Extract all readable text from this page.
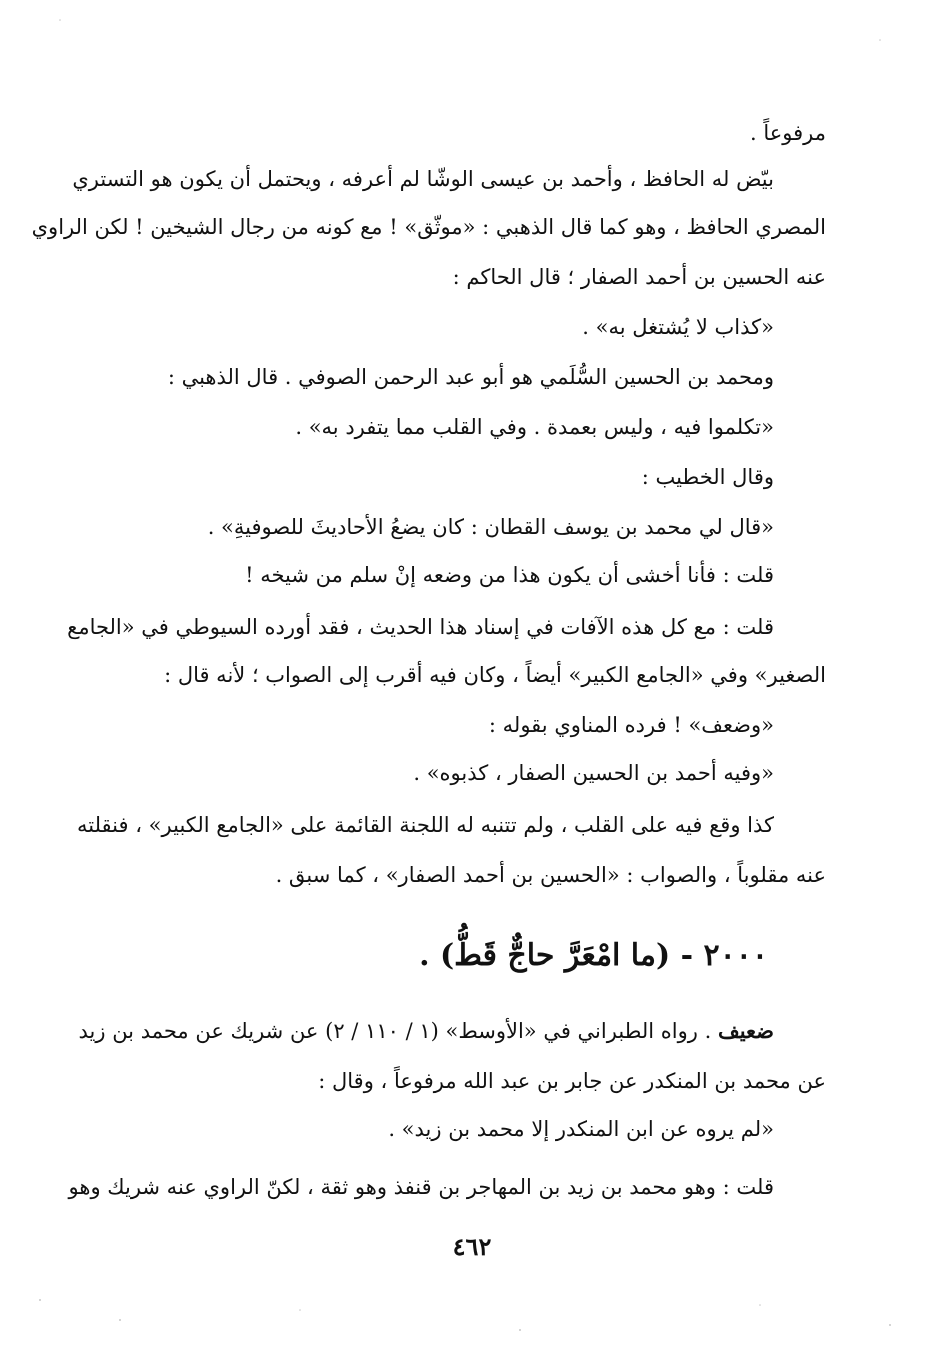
مرفوعاً .
بيّض له الحافظ ، وأحمد بن عيسى الوشّا لم أعرفه ، ويحتمل أن يكون هو التستري
المصري الحافظ ، وهو كما قال الذهبي : «موثّق» ! مع كونه من رجال الشيخين ! لكن الراوي
عنه الحسين بن أحمد الصفار ؛ قال الحاكم :
«كذاب لا يُشتغل به» .
ومحمد بن الحسين السُّلَمي هو أبو عبد الرحمن الصوفي . قال الذهبي :
«تكلموا فيه ، وليس بعمدة . وفي القلب مما يتفرد به» .
وقال الخطيب :
«قال لي محمد بن يوسف القطان : كان يضعُ الأحاديثَ للصوفيةِ» .
قلت : فأنا أخشى أن يكون هذا من وضعه إنْ سلم من شيخه !
قلت : مع كل هذه الآفات في إسناد هذا الحديث ، فقد أورده السيوطي في «الجامع
الصغير» وفي «الجامع الكبير» أيضاً ، وكان فيه أقرب إلى الصواب ؛ لأنه قال :
«وضعف» ! فرده المناوي بقوله :
«وفيه أحمد بن الحسين الصفار ، كذبوه» .
كذا وقع فيه على القلب ، ولم تتنبه له اللجنة القائمة على «الجامع الكبير» ، فنقلته
عنه مقلوباً ، والصواب : «الحسين بن أحمد الصفار» ، كما سبق .
٢٠٠٠ - (ما امْعَرَّ حاجٌّ قَطُّ) .
ضعيف . رواه الطبراني في «الأوسط» (١ / ١١٠ / ٢) عن شريك عن محمد بن زيد
عن محمد بن المنكدر عن جابر بن عبد الله مرفوعاً ، وقال :
«لم يروه عن ابن المنكدر إلا محمد بن زيد» .
قلت : وهو محمد بن زيد بن المهاجر بن قنفذ وهو ثقة ، لكنّ الراوي عنه شريك وهو
٤٦٢
